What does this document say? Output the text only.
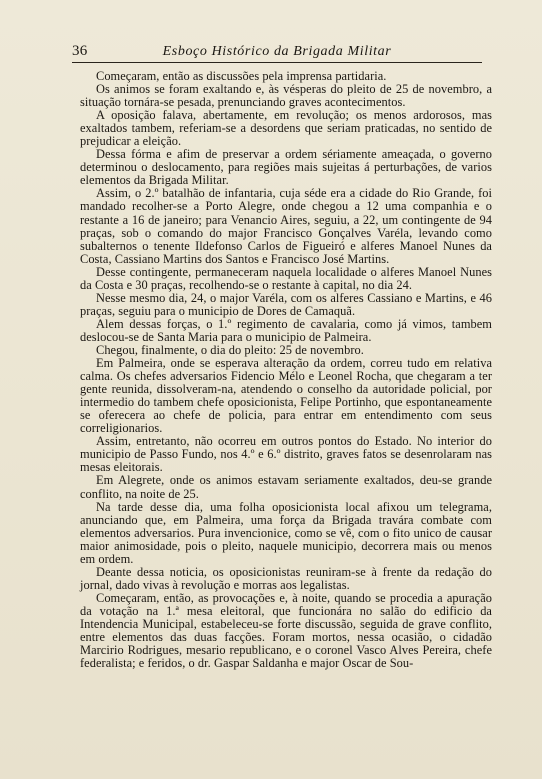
36	Esboço Histórico da Brigada Militar

Começaram, então as discussões pela imprensa partidaria.

Os animos se foram exaltando e, às vésperas do pleito de 25 de novembro, a situação tornára-se pesada, prenunciando graves acontecimentos.

A oposição falava, abertamente, em revolução; os menos ardorosos, mas exaltados tambem, referiam-se a desordens que seriam praticadas, no sentido de prejudicar a eleição.

Dessa fórma e afim de preservar a ordem sériamente ameaçada, o governo determinou o deslocamento, para regiões mais sujeitas á perturbações, de varios elementos da Brigada Militar.

Assim, o 2.º batalhão de infantaria, cuja séde era a cidade do Rio Grande, foi mandado recolher-se a Porto Alegre, onde chegou a 12 uma companhia e o restante a 16 de janeiro; para Venancio Aires, seguiu, a 22, um contingente de 94 praças, sob o comando do major Francisco Gonçalves Varéla, levando como subalternos o tenente Ildefonso Carlos de Figueiró e alferes Manoel Nunes da Costa, Cassiano Martins dos Santos e Francisco José Martins.

Desse contingente, permaneceram naquela localidade o alferes Manoel Nunes da Costa e 30 praças, recolhendo-se o restante à capital, no dia 24.

Nesse mesmo dia, 24, o major Varéla, com os alferes Cassiano e Martins, e 46 praças, seguiu para o municipio de Dores de Camaquã.

Alem dessas forças, o 1.º regimento de cavalaria, como já vimos, tambem deslocou-se de Santa Maria para o municipio de Palmeira.

Chegou, finalmente, o dia do pleito: 25 de novembro.

Em Palmeira, onde se esperava alteração da ordem, correu tudo em relativa calma. Os chefes adversarios Fidencio Mélo e Leonel Rocha, que chegaram a ter gente reunida, dissolveram-na, atendendo o conselho da autoridade policial, por intermedio do tambem chefe oposicionista, Felipe Portinho, que espontaneamente se oferecera ao chefe de policia, para entrar em entendimento com seus correligionarios.

Assim, entretanto, não ocorreu em outros pontos do Estado. No interior do municipio de Passo Fundo, nos 4.º e 6.º distrito, graves fatos se desenrolaram nas mesas eleitorais.

Em Alegrete, onde os animos estavam seriamente exaltados, deu-se grande conflito, na noite de 25.

Na tarde desse dia, uma folha oposicionista local afixou um telegrama, anunciando que, em Palmeira, uma força da Brigada travára combate com elementos adversarios. Pura invencionice, como se vê, com o fito unico de causar maior animosidade, pois o pleito, naquele municipio, decorrera mais ou menos em ordem.

Deante dessa noticia, os oposicionistas reuniram-se à frente da redação do jornal, dado vivas à revolução e morras aos legalistas.

Começaram, então, as provocações e, à noite, quando se procedia a apuração da votação na 1.ª mesa eleitoral, que funcionára no salão do edificio da Intendencia Municipal, estabeleceu-se forte discussão, seguida de grave conflito, entre elementos das duas facções. Foram mortos, nessa ocasião, o cidadão Marcirio Rodrigues, mesario republicano, e o coronel Vasco Alves Pereira, chefe federalista; e feridos, o dr. Gaspar Saldanha e major Oscar de Sou-
